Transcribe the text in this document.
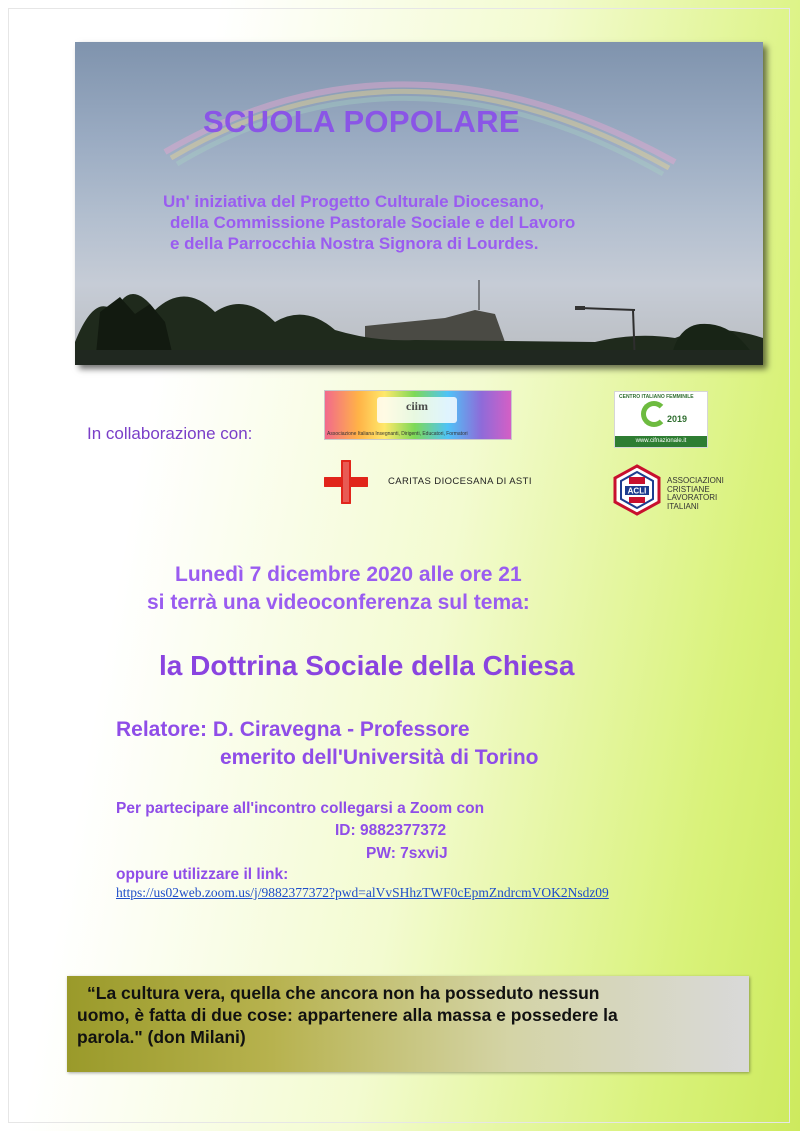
SCUOLA POPOLARE
Un' iniziativa del Progetto Culturale Diocesano,
della Commissione Pastorale Sociale e del Lavoro
e della Parrocchia Nostra Signora di Lourdes.
In collaborazione con:
ciim
Associazione Italiana Insegnanti, Dirigenti, Educatori, Formatori
CENTRO ITALIANO FEMMINILE
2019
www.cifnazionale.it
CARITAS DIOCESANA DI ASTI
ACLI
ASSOCIAZIONI
CRISTIANE
LAVORATORI
ITALIANI
Lunedì 7 dicembre 2020 alle ore 21
si terrà una videoconferenza sul tema:
la Dottrina Sociale della Chiesa
Relatore: D. Ciravegna - Professore
emerito dell'Università di Torino
Per partecipare all'incontro collegarsi a Zoom con
ID: 9882377372
PW: 7sxviJ
oppure utilizzare il link:
https://us02web.zoom.us/j/9882377372?pwd=alVvSHhzTWF0cEpmZndrcmVOK2Nsdz09
“La cultura vera, quella che ancora non ha posseduto nessun
uomo, è fatta di due cose: appartenere alla massa e possedere la
parola." (don Milani)
